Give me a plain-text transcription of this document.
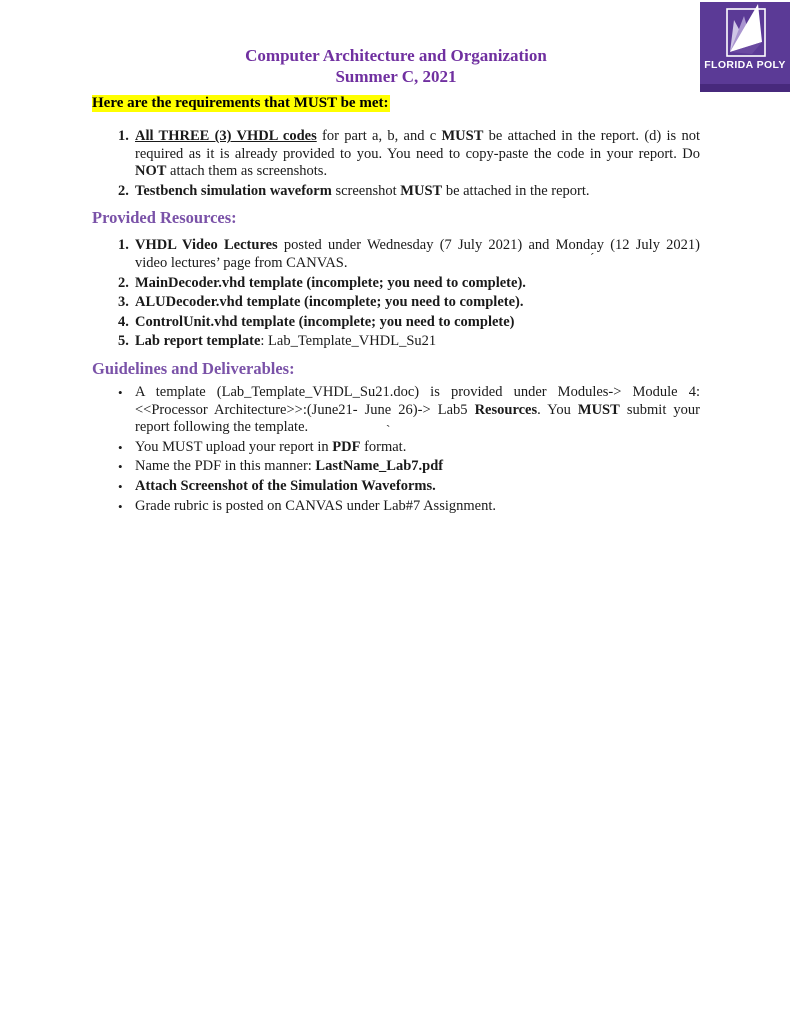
FLORIDA POLY
Computer Architecture and Organization
Summer C, 2021
Here are the requirements that MUST be met:
1. All THREE (3) VHDL codes for part a, b, and c MUST be attached in the report. (d) is not required as it is already provided to you. You need to copy-paste the code in your report. Do NOT attach them as screenshots.
2. Testbench simulation waveform screenshot MUST be attached in the report.
Provided Resources:
1. VHDL Video Lectures posted under Wednesday (7 July 2021) and Monday (12 July 2021) video lectures’ page from CANVAS.
2. MainDecoder.vhd template (incomplete; you need to complete).
3. ALUDecoder.vhd template (incomplete; you need to complete).
4. ControlUnit.vhd template (incomplete; you need to complete)
5. Lab report template: Lab_Template_VHDL_Su21
Guidelines and Deliverables:
• A template (Lab_Template_VHDL_Su21.doc) is provided under Modules-> Module 4: <<Processor Architecture>>:(June21- June 26)-> Lab5 Resources. You MUST submit your report following the template.
• You MUST upload your report in PDF format.
• Name the PDF in this manner: LastName_Lab7.pdf
• Attach Screenshot of the Simulation Waveforms.
• Grade rubric is posted on CANVAS under Lab#7 Assignment.
´
`
